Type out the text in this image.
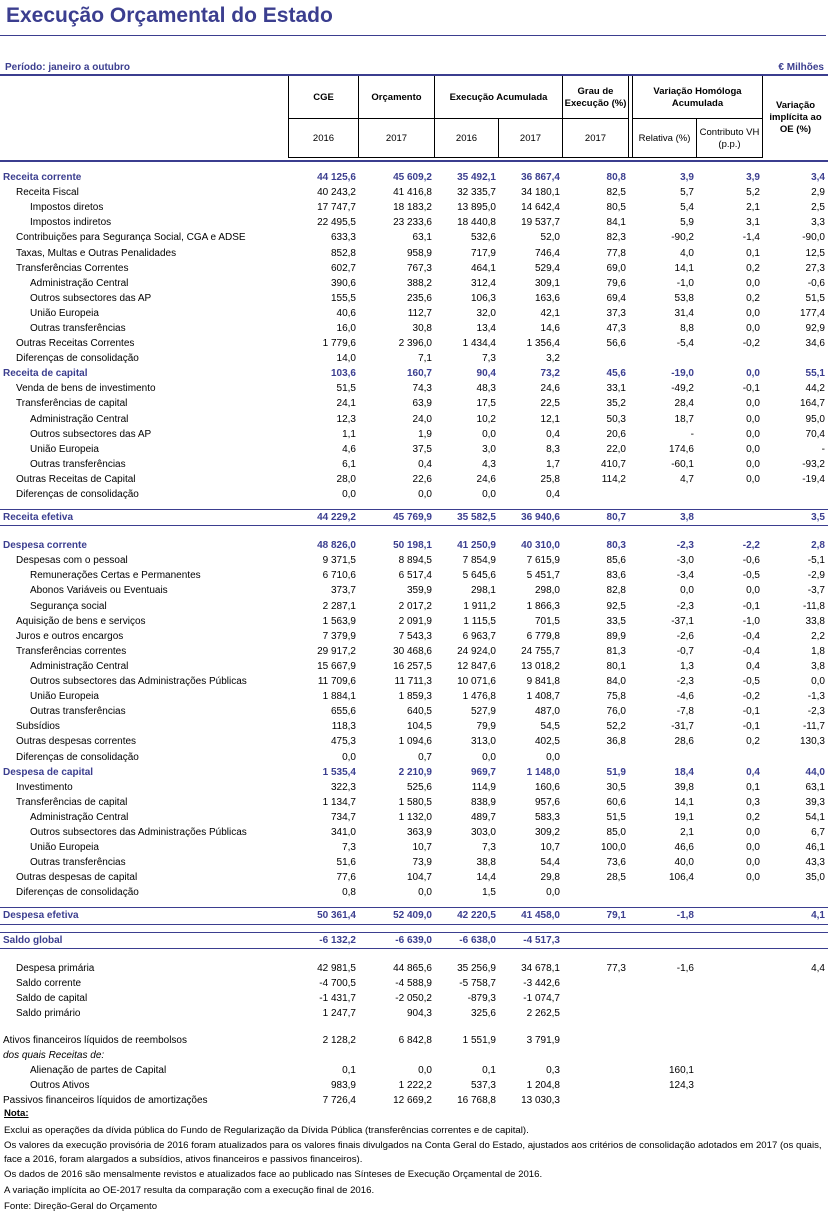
Execução Orçamental do Estado
Período: janeiro a outubro	€ Milhões
CGE	Orçamento	Execução Acumulada
Grau de Execução (%)
Variação Homóloga Acumulada	Variação implícita ao OE (%)
2016	2017	2016	2017	2017	Relativa (%)
Contributo VH (p.p.)
Receita corrente	44 125,6	45 609,2	35 492,1	36 867,4	80,8	3,9	3,9	3,4
Receita Fiscal	40 243,2	41 416,8	32 335,7	34 180,1	82,5	5,7	5,2	2,9
Impostos diretos	17 747,7	18 183,2	13 895,0	14 642,4	80,5	5,4	2,1	2,5
Impostos indiretos	22 495,5	23 233,6	18 440,8	19 537,7	84,1	5,9	3,1	3,3
Contribuições para Segurança Social, CGA e ADSE	633,3	63,1	532,6	52,0	82,3	-90,2	-1,4	-90,0
Taxas, Multas e Outras Penalidades	852,8	958,9	717,9	746,4	77,8	4,0	0,1	12,5
Transferências Correntes	602,7	767,3	464,1	529,4	69,0	14,1	0,2	27,3
Administração Central	390,6	388,2	312,4	309,1	79,6	-1,0	0,0	-0,6
Outros subsectores das AP	155,5	235,6	106,3	163,6	69,4	53,8	0,2	51,5
União Europeia	40,6	112,7	32,0	42,1	37,3	31,4	0,0	177,4
Outras transferências	16,0	30,8	13,4	14,6	47,3	8,8	0,0	92,9
Outras Receitas Correntes	1 779,6	2 396,0	1 434,4	1 356,4	56,6	-5,4	-0,2	34,6
Diferenças de consolidação	14,0	7,1	7,3	3,2				
Receita de capital	103,6	160,7	90,4	73,2	45,6	-19,0	0,0	55,1
Venda de bens de investimento	51,5	74,3	48,3	24,6	33,1	-49,2	-0,1	44,2
Transferências de capital	24,1	63,9	17,5	22,5	35,2	28,4	0,0	164,7
Administração Central	12,3	24,0	10,2	12,1	50,3	18,7	0,0	95,0
Outros subsectores das AP	1,1	1,9	0,0	0,4	20,6	-	0,0	70,4
União Europeia	4,6	37,5	3,0	8,3	22,0	174,6	0,0	-
Outras transferências	6,1	0,4	4,3	1,7	410,7	-60,1	0,0	-93,2
Outras Receitas de Capital	28,0	22,6	24,6	25,8	114,2	4,7	0,0	-19,4
Diferenças de consolidação	0,0	0,0	0,0	0,4				

Receita efetiva	44 229,2	45 769,9	35 582,5	36 940,6	80,7	3,8		3,5

Despesa corrente	48 826,0	50 198,1	41 250,9	40 310,0	80,3	-2,3	-2,2	2,8
Despesas com o pessoal	9 371,5	8 894,5	7 854,9	7 615,9	85,6	-3,0	-0,6	-5,1
Remunerações Certas e Permanentes	6 710,6	6 517,4	5 645,6	5 451,7	83,6	-3,4	-0,5	-2,9
Abonos Variáveis ou Eventuais	373,7	359,9	298,1	298,0	82,8	0,0	0,0	-3,7
Segurança social	2 287,1	2 017,2	1 911,2	1 866,3	92,5	-2,3	-0,1	-11,8
Aquisição de bens e serviços	1 563,9	2 091,9	1 115,5	701,5	33,5	-37,1	-1,0	33,8
Juros e outros encargos	7 379,9	7 543,3	6 963,7	6 779,8	89,9	-2,6	-0,4	2,2
Transferências correntes	29 917,2	30 468,6	24 924,0	24 755,7	81,3	-0,7	-0,4	1,8
Administração Central	15 667,9	16 257,5	12 847,6	13 018,2	80,1	1,3	0,4	3,8
Outros subsectores das Administrações Públicas	11 709,6	11 711,3	10 071,6	9 841,8	84,0	-2,3	-0,5	0,0
União Europeia	1 884,1	1 859,3	1 476,8	1 408,7	75,8	-4,6	-0,2	-1,3
Outras transferências	655,6	640,5	527,9	487,0	76,0	-7,8	-0,1	-2,3
Subsídios	118,3	104,5	79,9	54,5	52,2	-31,7	-0,1	-11,7
Outras despesas correntes	475,3	1 094,6	313,0	402,5	36,8	28,6	0,2	130,3
Diferenças de consolidação	0,0	0,7	0,0	0,0				
Despesa de capital	1 535,4	2 210,9	969,7	1 148,0	51,9	18,4	0,4	44,0
Investimento	322,3	525,6	114,9	160,6	30,5	39,8	0,1	63,1
Transferências de capital	1 134,7	1 580,5	838,9	957,6	60,6	14,1	0,3	39,3
Administração Central	734,7	1 132,0	489,7	583,3	51,5	19,1	0,2	54,1
Outros subsectores das Administrações Públicas	341,0	363,9	303,0	309,2	85,0	2,1	0,0	6,7
União Europeia	7,3	10,7	7,3	10,7	100,0	46,6	0,0	46,1
Outras transferências	51,6	73,9	38,8	54,4	73,6	40,0	0,0	43,3
Outras despesas de capital	77,6	104,7	14,4	29,8	28,5	106,4	0,0	35,0
Diferenças de consolidação	0,8	0,0	1,5	0,0				

Despesa efetiva	50 361,4	52 409,0	42 220,5	41 458,0	79,1	-1,8		4,1

Saldo global	-6 132,2	-6 639,0	-6 638,0	-4 517,3				

Despesa primária	42 981,5	44 865,6	35 256,9	34 678,1	77,3	-1,6		4,4
Saldo corrente	-4 700,5	-4 588,9	-5 758,7	-3 442,6				
Saldo de capital	-1 431,7	-2 050,2	-879,3	-1 074,7				
Saldo primário	1 247,7	904,3	325,6	2 262,5				

Ativos financeiros líquidos de reembolsos	2 128,2	6 842,8	1 551,9	3 791,9				
dos quais Receitas de:								
Alienação de partes de Capital	0,1	0,0	0,1	0,3		160,1		
Outros Ativos	983,9	1 222,2	537,3	1 204,8		124,3		
Passivos financeiros líquidos de amortizações	7 726,4	12 669,2	16 768,8	13 030,3				

Nota:

Exclui as operações da dívida pública do Fundo de Regularização da Dívida Pública (transferências correntes e de capital).

Os valores da execução provisória de 2016 foram atualizados para os valores finais divulgados na Conta Geral do Estado, ajustados aos critérios de consolidação adotados em 2017 (os quais, face a 2016, foram alargados a subsídios, ativos financeiros e passivos financeiros).

Os dados de 2016 são mensalmente revistos e atualizados face ao publicado nas Sínteses de Execução Orçamental de 2016.

A variação implícita ao OE-2017 resulta da comparação com a execução final de 2016.

Fonte: Direção-Geral do Orçamento
